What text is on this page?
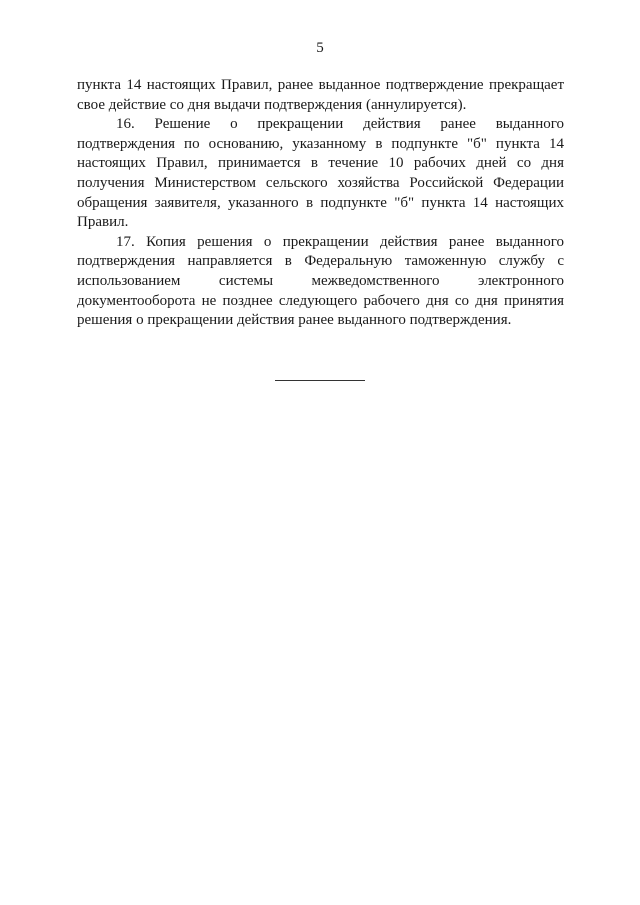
5

пункта 14 настоящих Правил, ранее выданное подтверждение прекращает свое действие со дня выдачи подтверждения (аннулируется).

16. Решение о прекращении действия ранее выданного подтверждения по основанию, указанному в подпункте "б" пункта 14 настоящих Правил, принимается в течение 10 рабочих дней со дня получения Министерством сельского хозяйства Российской Федерации обращения заявителя, указанного в подпункте "б" пункта 14 настоящих Правил.

17. Копия решения о прекращении действия ранее выданного подтверждения направляется в Федеральную таможенную службу с использованием системы межведомственного электронного документооборота не позднее следующего рабочего дня со дня принятия решения о прекращении действия ранее выданного подтверждения.
